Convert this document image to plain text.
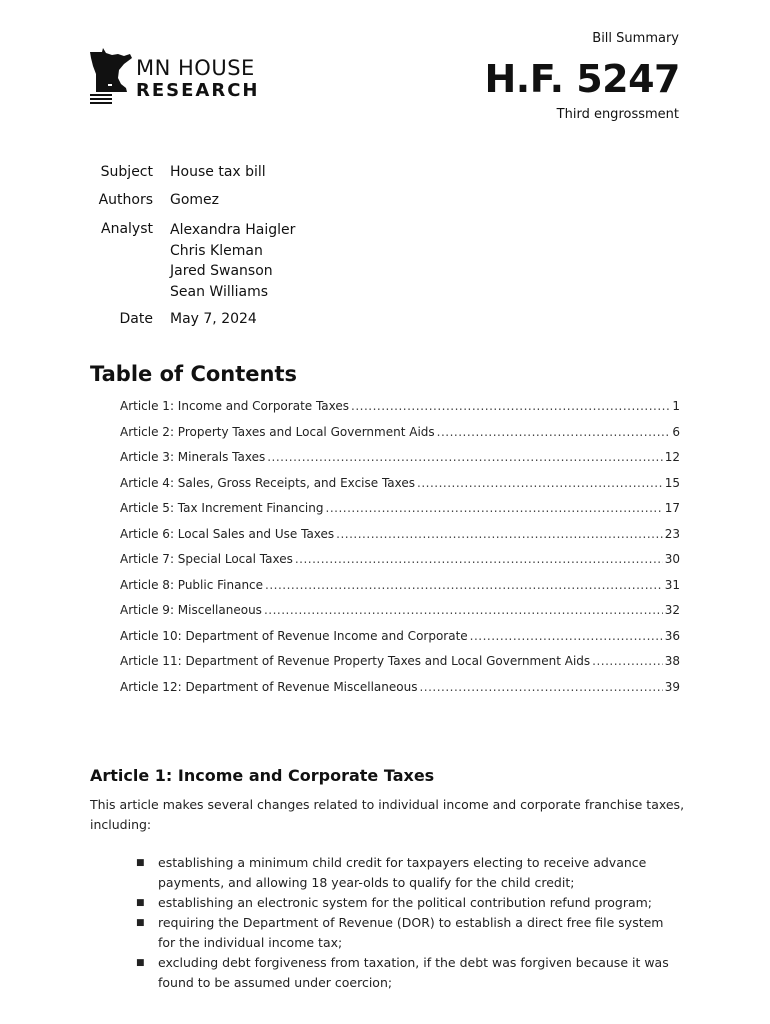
MN HOUSE
RESEARCH
Bill Summary
H.F. 5247
Third engrossment
Subject House tax bill
Authors Gomez
Analyst Alexandra Haigler
Chris Kleman
Jared Swanson
Sean Williams
Date May 7, 2024
Table of Contents
Article 1: Income and Corporate Taxes .....	1
Article 2: Property Taxes and Local Government Aids .....	6
Article 3: Minerals Taxes .....	12
Article 4: Sales, Gross Receipts, and Excise Taxes .....	15
Article 5: Tax Increment Financing .....	17
Article 6: Local Sales and Use Taxes .....	23
Article 7: Special Local Taxes .....	30
Article 8: Public Finance .....	31
Article 9: Miscellaneous .....	32
Article 10: Department of Revenue Income and Corporate .....	36
Article 11: Department of Revenue Property Taxes and Local Government Aids .....	38
Article 12: Department of Revenue Miscellaneous .....	39
Article 1: Income and Corporate Taxes

This article makes several changes related to individual income and corporate franchise taxes, including:

■ establishing a minimum child credit for taxpayers electing to receive advance payments, and allowing 18 year-olds to qualify for the child credit;
■ establishing an electronic system for the political contribution refund program;
■ requiring the Department of Revenue (DOR) to establish a direct free file system for the individual income tax;
■ excluding debt forgiveness from taxation, if the debt was forgiven because it was found to be assumed under coercion;
